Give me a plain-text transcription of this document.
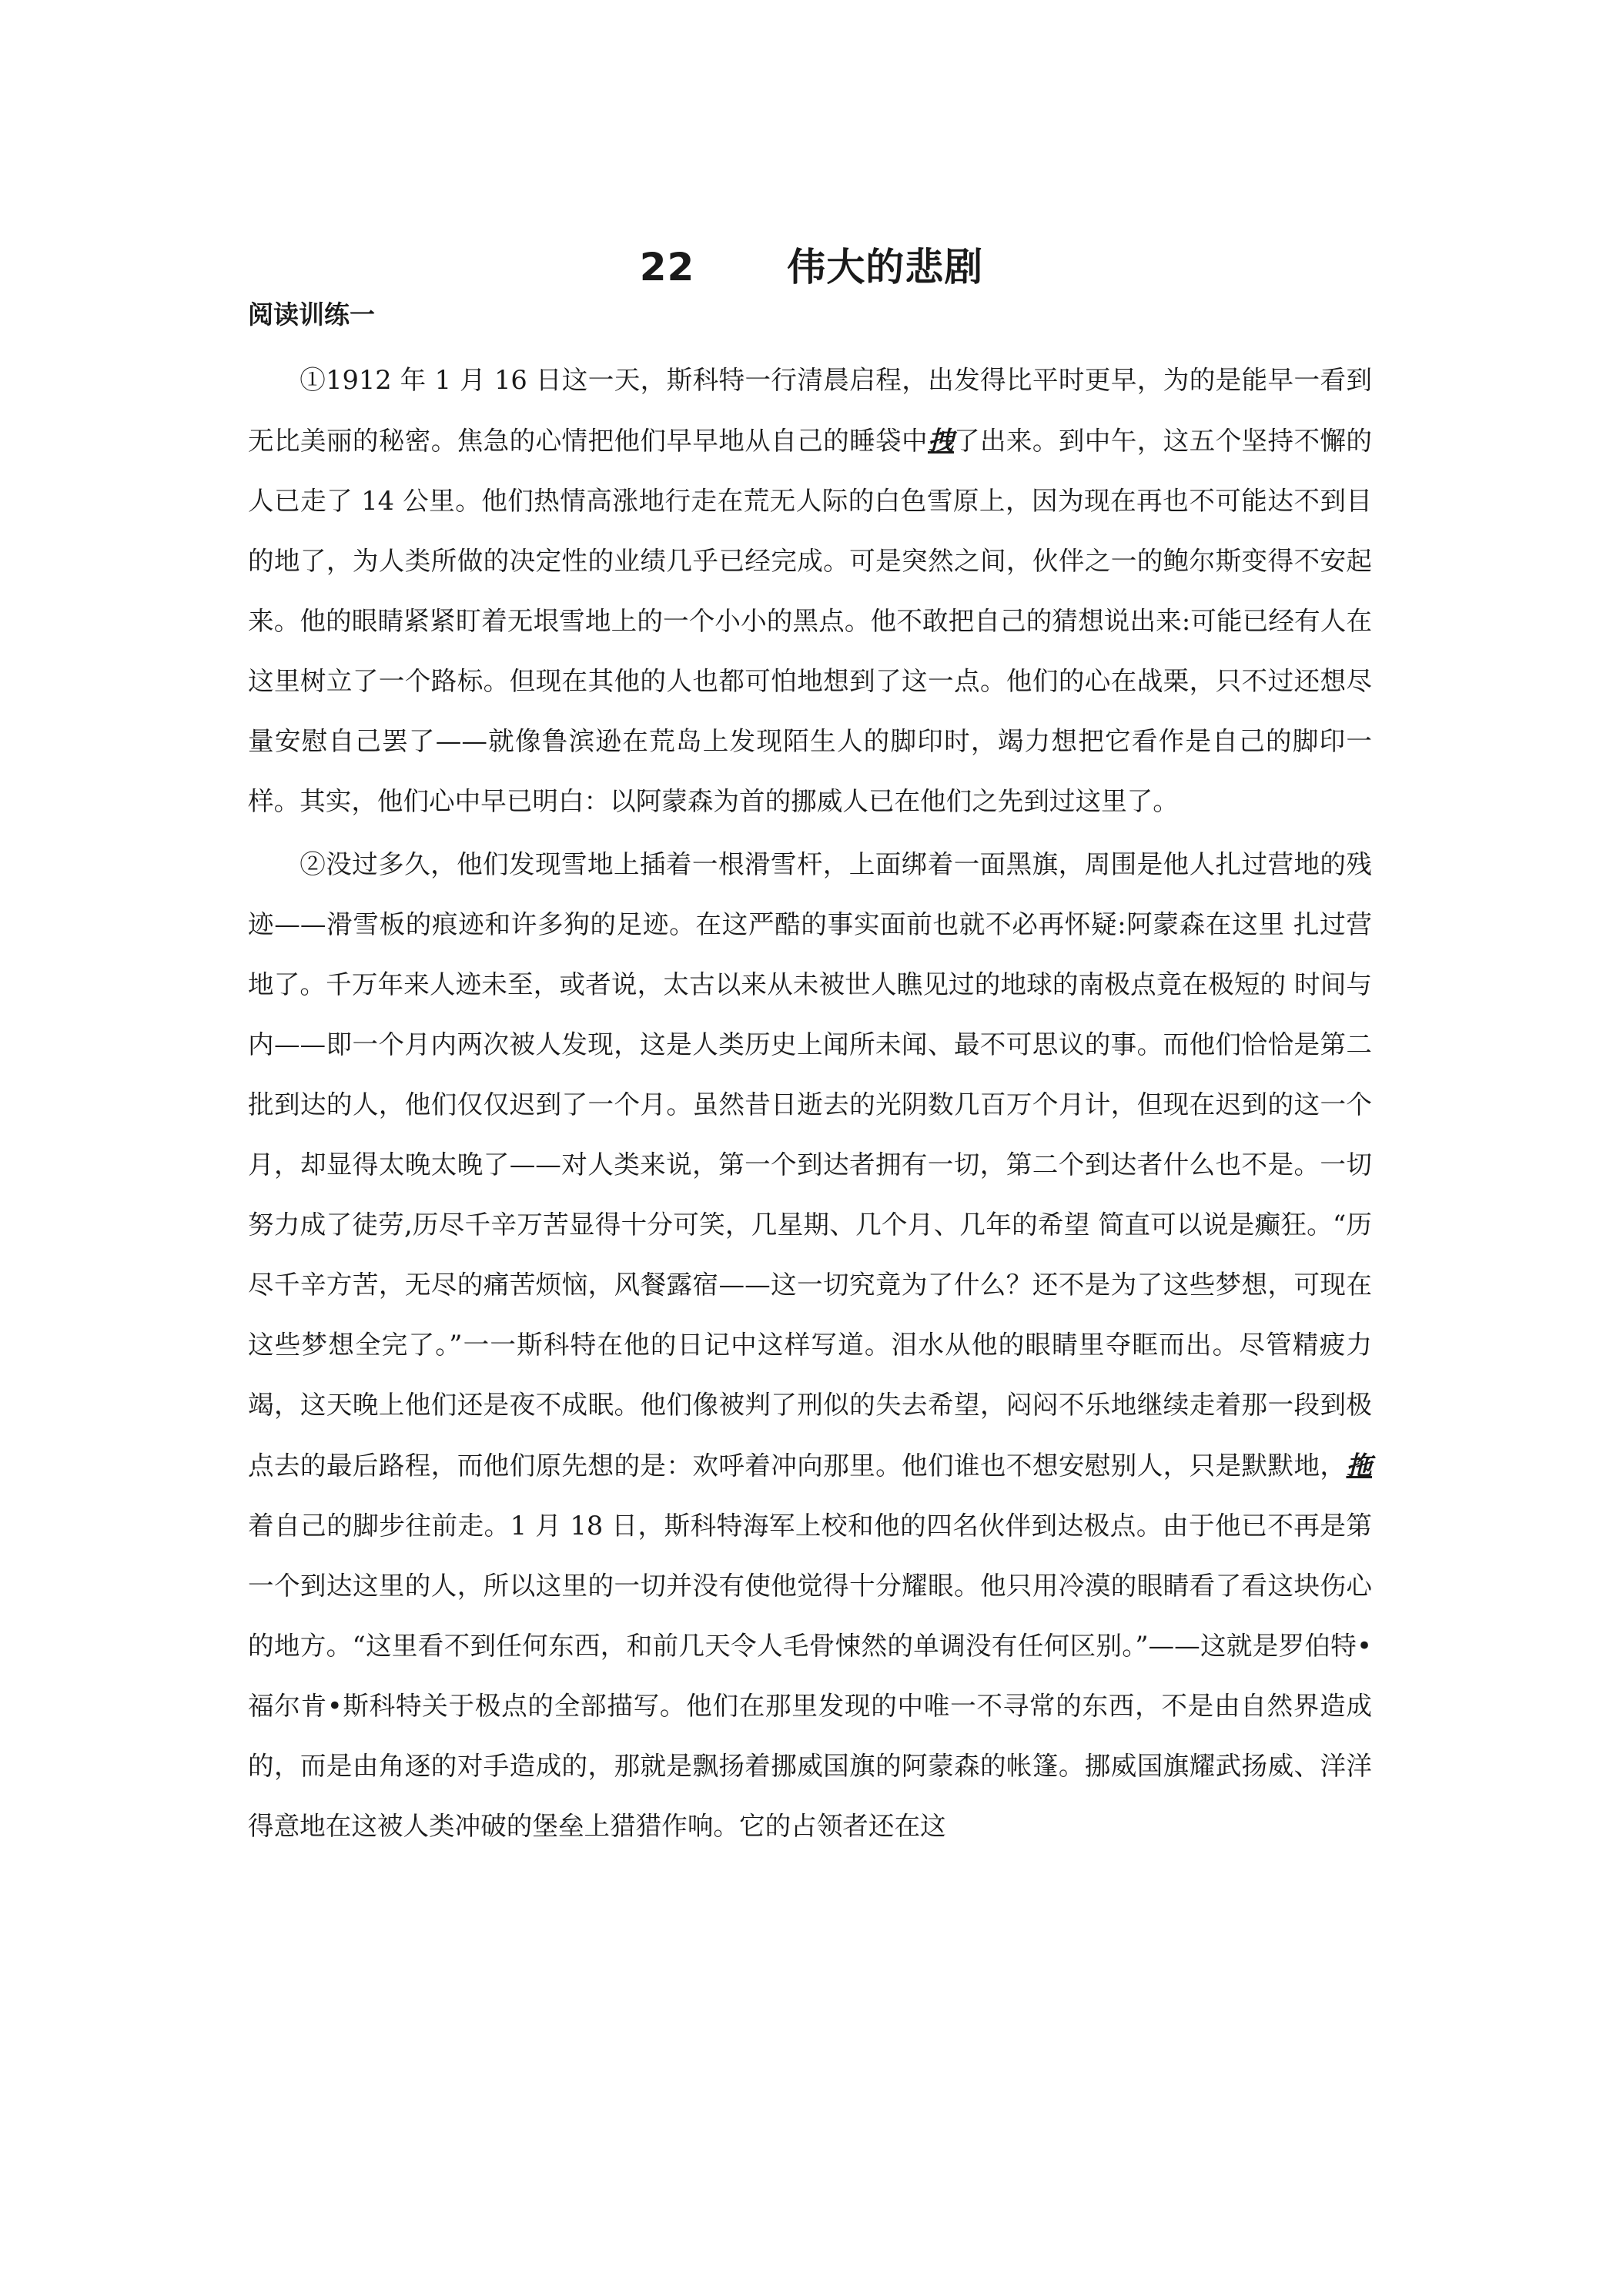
22 伟大的悲剧
阅读训练一

①1912 年 1 月 16 日这一天，斯科特一行清晨启程，出发得比平时更早，为的是能早一看到无比美丽的秘密。焦急的心情把他们早早地从自己的睡袋中拽了出来。到中午，这五个坚持不懈的人已走了 14 公里。他们热情高涨地行走在荒无人际的白色雪原上，因为现在再也不可能达不到目的地了，为人类所做的决定性的业绩几乎已经完成。可是突然之间，伙伴之一的鲍尔斯变得不安起来。他的眼睛紧紧盯着无垠雪地上的一个小小的黑点。他不敢把自己的猜想说出来:可能已经有人在这里树立了一个路标。但现在其他的人也都可怕地想到了这一点。他们的心在战栗，只不过还想尽量安慰自己罢了——就像鲁滨逊在荒岛上发现陌生人的脚印时，竭力想把它看作是自己的脚印一样。其实，他们心中早已明白：以阿蒙森为首的挪威人已在他们之先到过这里了。

②没过多久，他们发现雪地上插着一根滑雪杆，上面绑着一面黑旗，周围是他人扎过营地的残迹——滑雪板的痕迹和许多狗的足迹。在这严酷的事实面前也就不必再怀疑:阿蒙森在这里 扎过营地了。千万年来人迹未至，或者说，太古以来从未被世人瞧见过的地球的南极点竟在极短的 时间与内——即一个月内两次被人发现，这是人类历史上闻所未闻、最不可思议的事。而他们恰恰是第二批到达的人，他们仅仅迟到了一个月。虽然昔日逝去的光阴数几百万个月计，但现在迟到的这一个月，却显得太晚太晚了——对人类来说，第一个到达者拥有一切，第二个到达者什么也不是。一切努力成了徒劳,历尽千辛万苦显得十分可笑，几星期、几个月、几年的希望 简直可以说是癫狂。“历尽千辛方苦，无尽的痛苦烦恼，风餐露宿——这一切究竟为了什么？还不是为了这些梦想，可现在这些梦想全完了。”一一斯科特在他的日记中这样写道。泪水从他的眼睛里夺眶而出。尽管精疲力竭，这天晚上他们还是夜不成眠。他们像被判了刑似的失去希望，闷闷不乐地继续走着那一段到极点去的最后路程，而他们原先想的是：欢呼着冲向那里。他们谁也不想安慰别人，只是默默地，拖着自己的脚步往前走。1 月 18 日，斯科特海军上校和他的四名伙伴到达极点。由于他已不再是第一个到达这里的人，所以这里的一切并没有使他觉得十分耀眼。他只用冷漠的眼睛看了看这块伤心的地方。“这里看不到任何东西，和前几天令人毛骨悚然的单调没有任何区别。”——这就是罗伯特•福尔肯•斯科特关于极点的全部描写。他们在那里发现的中唯一不寻常的东西，不是由自然界造成的，而是由角逐的对手造成的，那就是飘扬着挪威国旗的阿蒙森的帐篷。挪威国旗耀武扬威、洋洋得意地在这被人类冲破的堡垒上猎猎作响。它的占领者还在这
